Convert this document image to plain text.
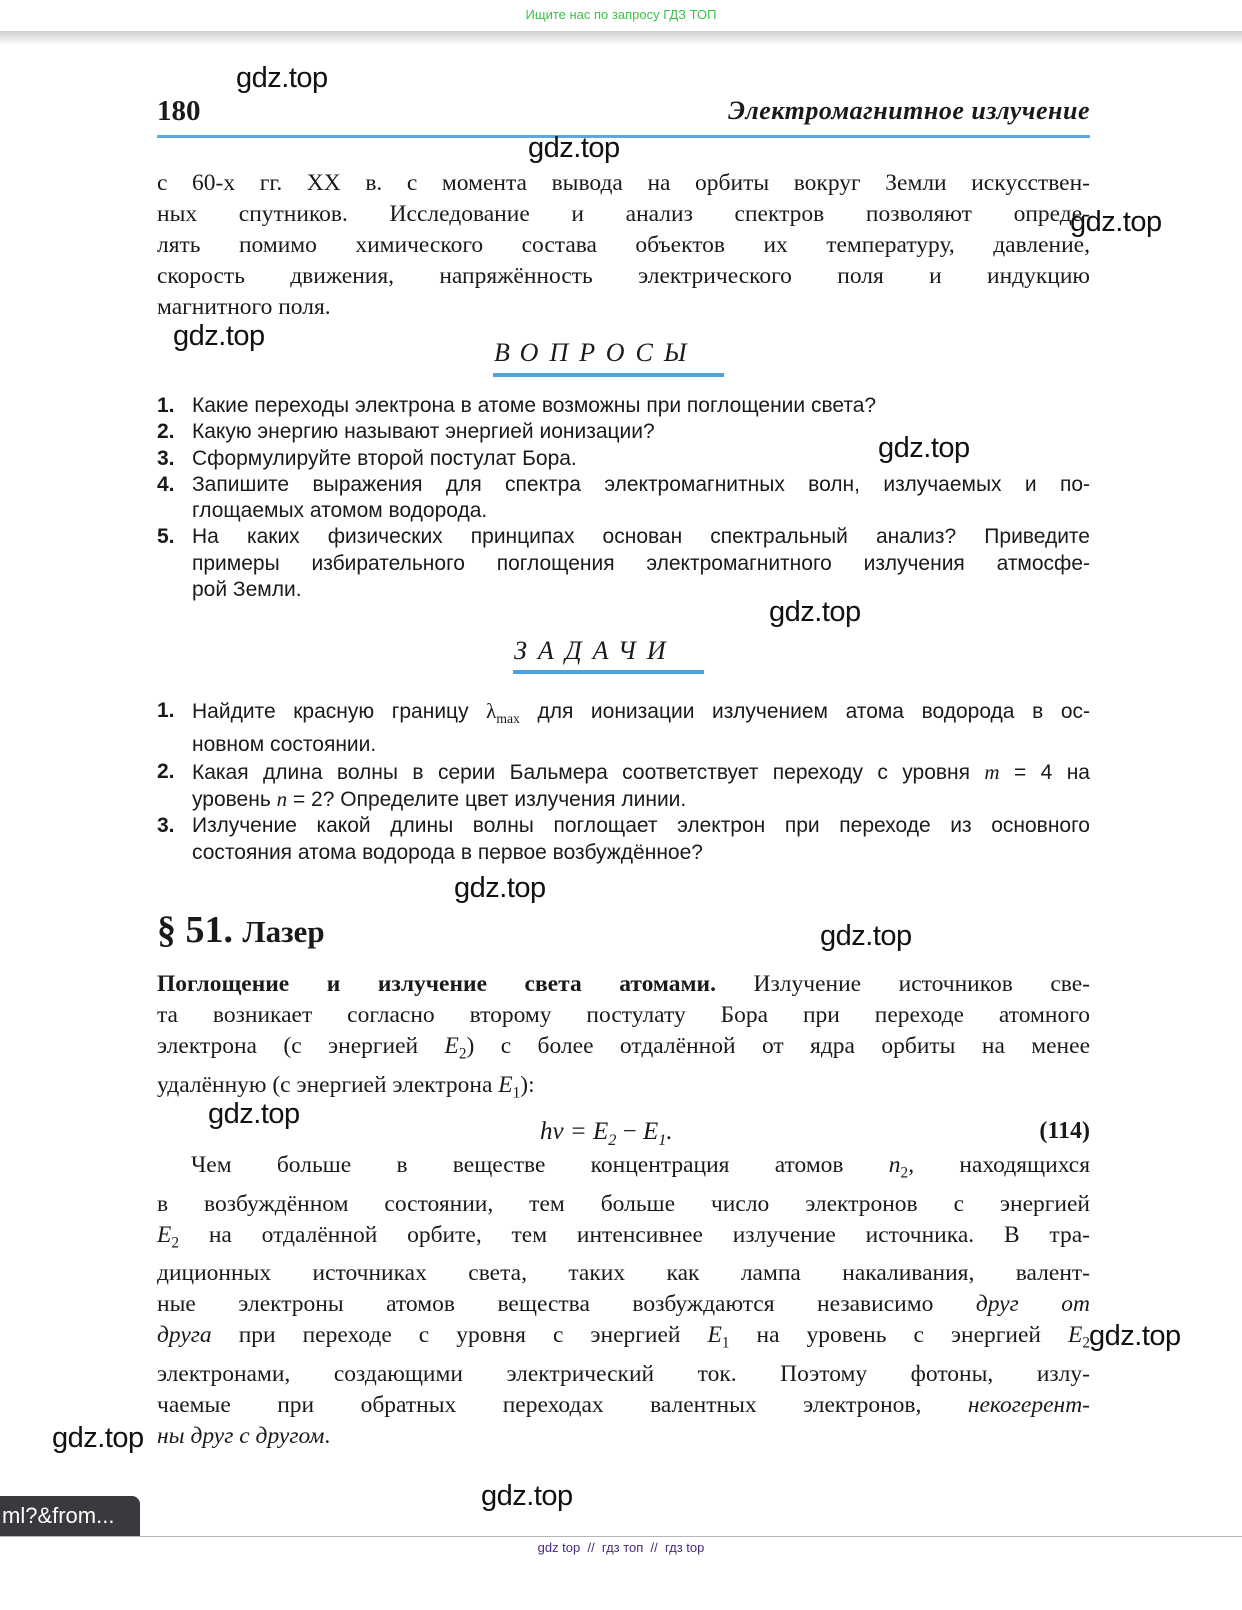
Ищите нас по запросу ГДЗ ТОП
180	Электромагнитное излучение
с 60-х гг. XX в. с момента вывода на орбиты вокруг Земли искусствен-
ных спутников. Исследование и анализ спектров позволяют опреде-
лять помимо химического состава объектов их температуру, давление,
скорость движения, напряжённость электрического поля и индукцию
магнитного поля.
ВОПРОСЫ
1. Какие переходы электрона в атоме возможны при поглощении света?
2. Какую энергию называют энергией ионизации?
3. Сформулируйте второй постулат Бора.
4. Запишите выражения для спектра электромагнитных волн, излучаемых и по-
глощаемых атомом водорода.
5. На каких физических принципах основан спектральный анализ? Приведите
примеры избирательного поглощения электромагнитного излучения атмосфе-
рой Земли.
ЗАДАЧИ
1. Найдите красную границу $\lambda_{max}$ для ионизации излучением атома водорода в ос-
новном состоянии.
2. Какая длина волны в серии Бальмера соответствует переходу с уровня m = 4 на
уровень n = 2? Определите цвет излучения линии.
3. Излучение какой длины волны поглощает электрон при переходе из основного
состояния атома водорода в первое возбуждённое?
§ 51. Лазер
Поглощение и излучение света атомами. Излучение источников све-
та возникает согласно второму постулату Бора при переходе атомного
электрона (с энергией $E_2$) с более отдалённой от ядра орбиты на менее
удалённую (с энергией электрона $E_1$):
$h\nu = E_2 - E_1$.	(114)
Чем больше в веществе концентрация атомов $n_2$, находящихся
в возбуждённом состоянии, тем больше число электронов с энергией
$E_2$ на отдалённой орбите, тем интенсивнее излучение источника. В тра-
диционных источниках света, таких как лампа накаливания, валент-
ные электроны атомов вещества возбуждаются независимо друг от
друга при переходе с уровня с энергией $E_1$ на уровень с энергией $E_2$
электронами, создающими электрический ток. Поэтому фотоны, излу-
чаемые при обратных переходах валентных электронов, некогерент-
ны друг с другом.
gdz.top
gdz.top
gdz.top
gdz.top
gdz.top
gdz.top
gdz.top
gdz.top
gdz.top
gdz.top
gdz.top
gdz.top
ml?&from...
gdz top  //  гдз топ  //  гдз top
